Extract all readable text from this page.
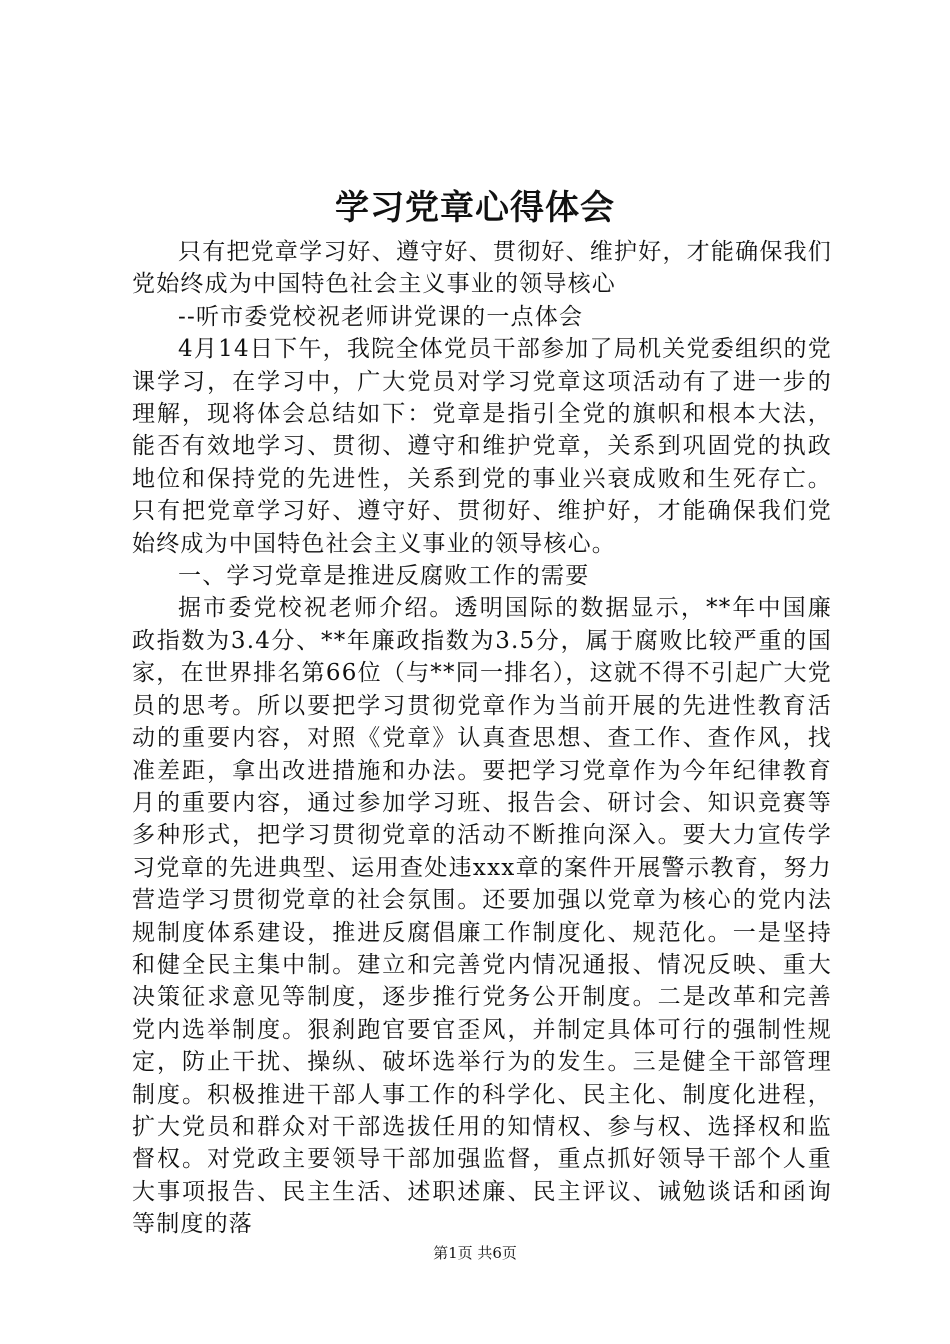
学习党章心得体会

只有把党章学习好、遵守好、贯彻好、维护好，才能确保我们党始终成为中国特色社会主义事业的领导核心

--听市委党校祝老师讲党课的一点体会

4月14日下午，我院全体党员干部参加了局机关党委组织的党课学习，在学习中，广大党员对学习党章这项活动有了进一步的理解，现将体会总结如下：党章是指引全党的旗帜和根本大法，能否有效地学习、贯彻、遵守和维护党章，关系到巩固党的执政地位和保持党的先进性，关系到党的事业兴衰成败和生死存亡。只有把党章学习好、遵守好、贯彻好、维护好，才能确保我们党始终成为中国特色社会主义事业的领导核心。

一、学习党章是推进反腐败工作的需要

据市委党校祝老师介绍。透明国际的数据显示，**年中国廉政指数为3.4分、**年廉政指数为3.5分，属于腐败比较严重的国家，在世界排名第66位（与**同一排名），这就不得不引起广大党员的思考。所以要把学习贯彻党章作为当前开展的先进性教育活动的重要内容，对照《党章》认真查思想、查工作、查作风，找准差距，拿出改进措施和办法。要把学习党章作为今年纪律教育月的重要内容，通过参加学习班、报告会、研讨会、知识竞赛等多种形式，把学习贯彻党章的活动不断推向深入。要大力宣传学习党章的先进典型、运用查处违xxx章的案件开展警示教育，努力营造学习贯彻党章的社会氛围。还要加强以党章为核心的党内法规制度体系建设，推进反腐倡廉工作制度化、规范化。一是坚持和健全民主集中制。建立和完善党内情况通报、情况反映、重大决策征求意见等制度，逐步推行党务公开制度。二是改革和完善党内选举制度。狠刹跑官要官歪风，并制定具体可行的强制性规定，防止干扰、操纵、破坏选举行为的发生。三是健全干部管理制度。积极推进干部人事工作的科学化、民主化、制度化进程，扩大党员和群众对干部选拔任用的知情权、参与权、选择权和监督权。对党政主要领导干部加强监督，重点抓好领导干部个人重大事项报告、民主生活、述职述廉、民主评议、诫勉谈话和函询等制度的落

第1页 共6页
